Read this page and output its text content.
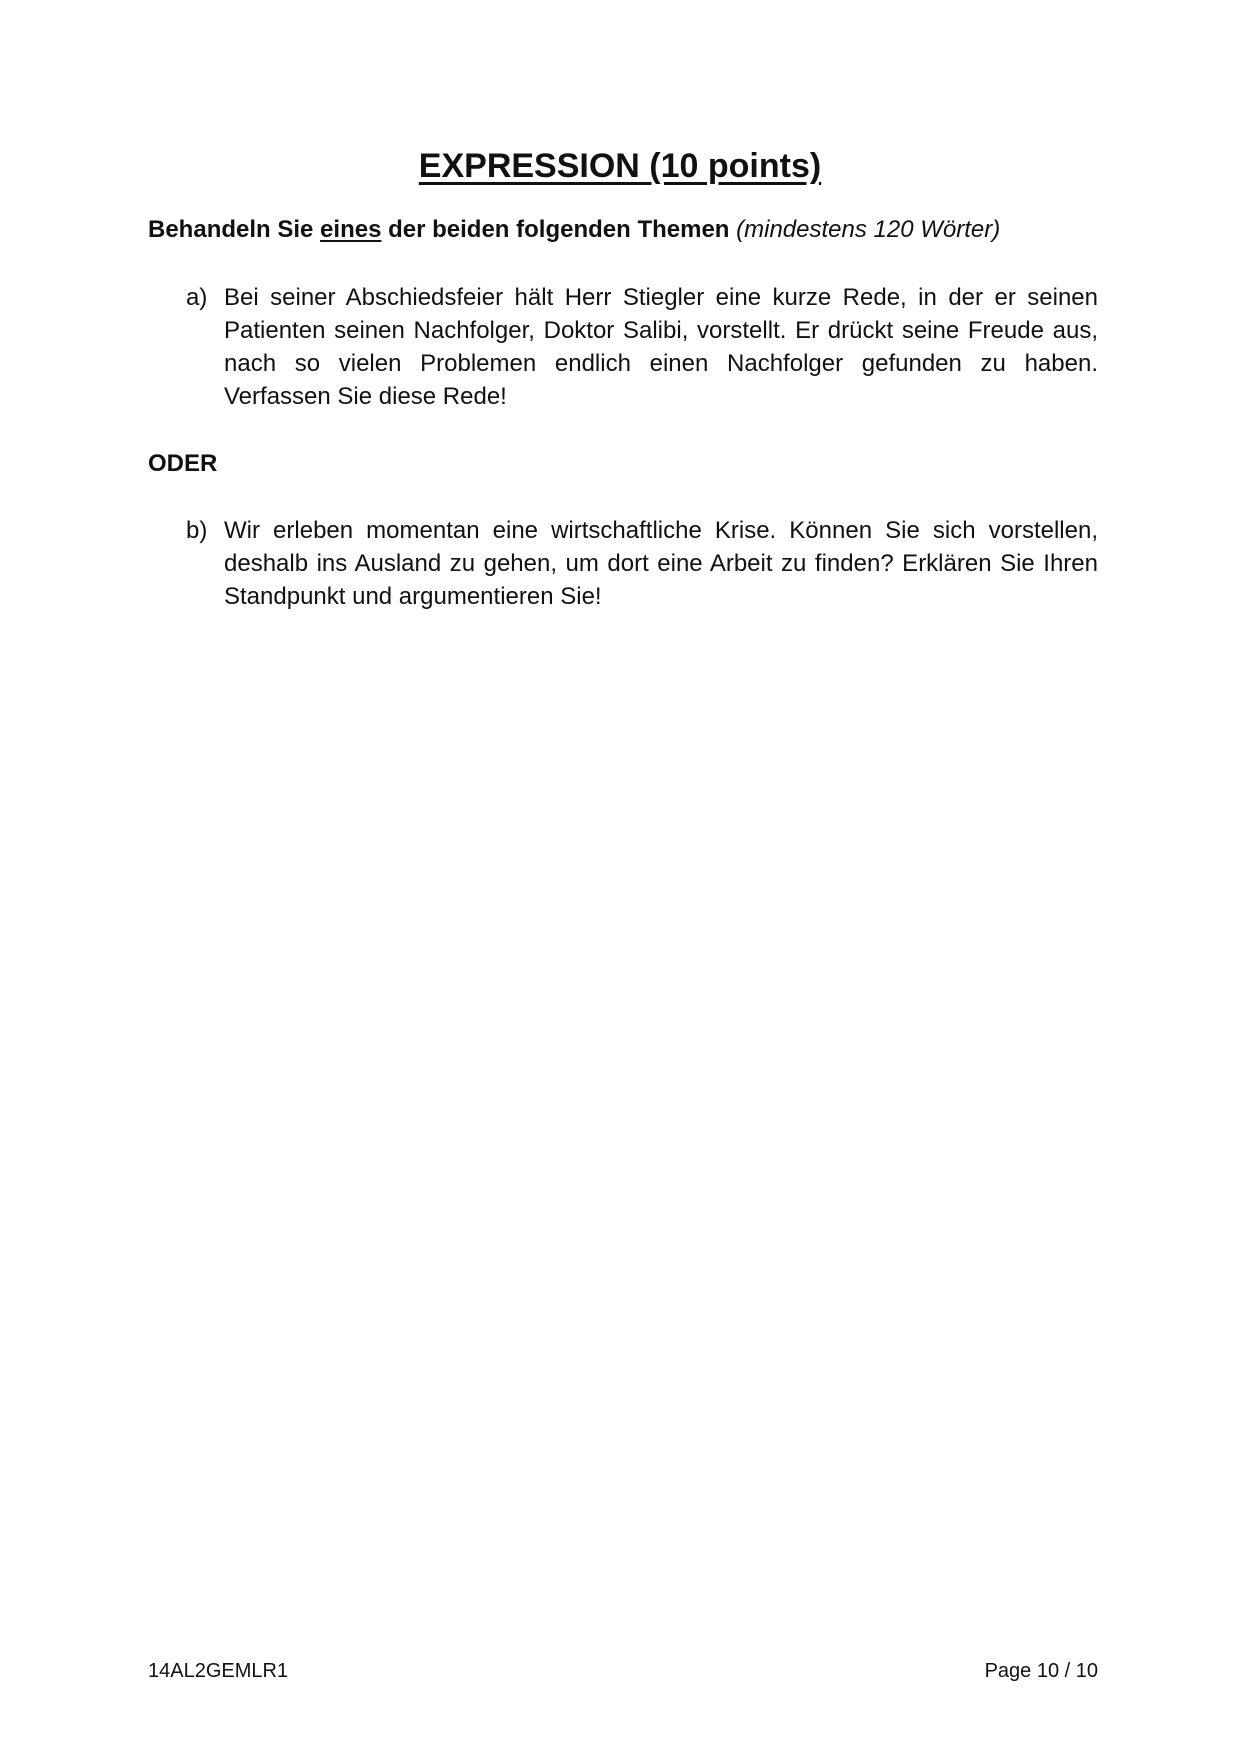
EXPRESSION (10 points)

Behandeln Sie eines der beiden folgenden Themen (mindestens 120 Wörter)

a) Bei seiner Abschiedsfeier hält Herr Stiegler eine kurze Rede, in der er seinen Patienten seinen Nachfolger, Doktor Salibi, vorstellt. Er drückt seine Freude aus, nach so vielen Problemen endlich einen Nachfolger gefunden zu haben. Verfassen Sie diese Rede!

ODER

b) Wir erleben momentan eine wirtschaftliche Krise. Können Sie sich vorstellen, deshalb ins Ausland zu gehen, um dort eine Arbeit zu finden? Erklären Sie Ihren Standpunkt und argumentieren Sie!
14AL2GEMLR1	Page 10 / 10
